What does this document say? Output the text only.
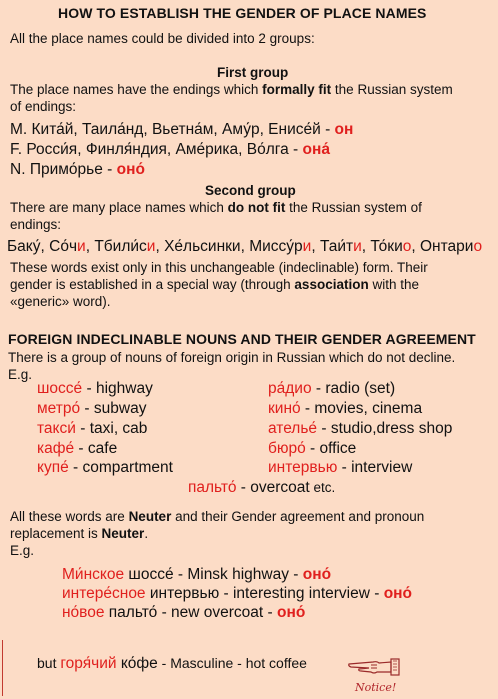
HOW TO ESTABLISH THE GENDER OF PLACE NAMES
All the place names could be divided into 2 groups:
First group
The place names have the endings which formally fit the Russian system
of endings:
M. Кита́й, Таила́нд, Вьетна́м, Аму́р, Енисе́й - он
F. Росси́я, Финля́ндия, Аме́рика, Во́лга - она́
N. Примо́рье - оно́
Second group
There are many place names which do not fit the Russian system of
endings:
Баку́, Со́чи, Тбили́си, Хе́льсинки, Миссу́ри, Таи́ти, То́кио, Онтарио
These words exist only in this unchangeable (indeclinable) form. Their
gender is established in a special way (through association with the
«generic» word).
FOREIGN INDECLINABLE NOUNS AND THEIR GENDER AGREEMENT
There is a group of nouns of foreign origin in Russian which do not decline.
E.g.
шоссе́ - highway
метро́ - subway
такси́ - taxi, cab
кафе́ - cafe
купе́ - compartment
ра́дио - radio (set)
кино́ - movies, cinema
ателье́ - studio,dress shop
бюро́ - office
интервью - interview
пальто́ - overcoat etc.
All these words are Neuter and their Gender agreement and pronoun
replacement is Neuter.
E.g.
Ми́нское шоссе́ - Minsk highway - оно́
интере́сное интервью - interesting interview - оно́
но́вое пальто́ - new overcoat - оно́
but горя́чий ко́фе - Masculine - hot coffee
Notice!
